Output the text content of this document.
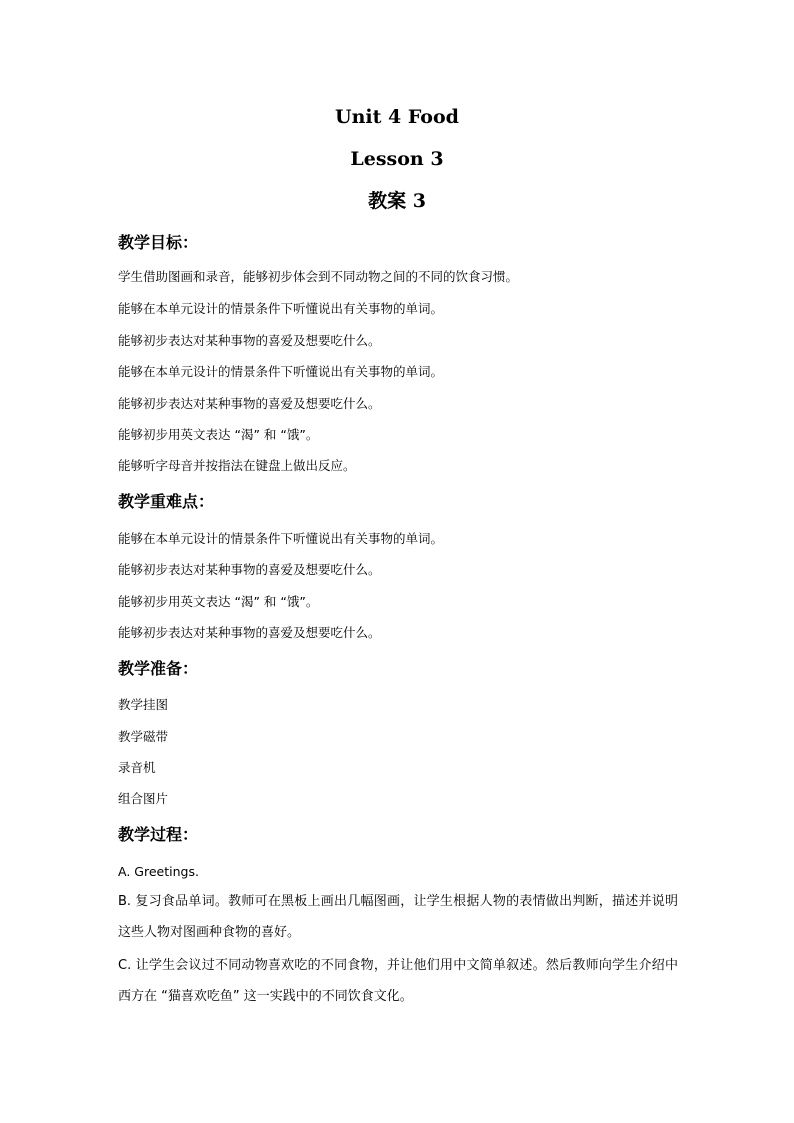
Unit 4 Food
Lesson 3
教案 3
教学目标：
学生借助图画和录音，能够初步体会到不同动物之间的不同的饮食习惯。
能够在本单元设计的情景条件下听懂说出有关事物的单词。
能够初步表达对某种事物的喜爱及想要吃什么。
能够在本单元设计的情景条件下听懂说出有关事物的单词。
能够初步表达对某种事物的喜爱及想要吃什么。
能够初步用英文表达 “渴” 和 “饿”。
能够听字母音并按指法在键盘上做出反应。
教学重难点：
能够在本单元设计的情景条件下听懂说出有关事物的单词。
能够初步表达对某种事物的喜爱及想要吃什么。
能够初步用英文表达 “渴” 和 “饿”。
能够初步表达对某种事物的喜爱及想要吃什么。
教学准备：
教学挂图
教学磁带
录音机
组合图片
教学过程：
A. Greetings.
B. 复习食品单词。教师可在黑板上画出几幅图画，让学生根据人物的表情做出判断，描述并说明这些人物对图画种食物的喜好。
C. 让学生会议过不同动物喜欢吃的不同食物，并让他们用中文简单叙述。然后教师向学生介绍中西方在 “猫喜欢吃鱼” 这一实践中的不同饮食文化。
